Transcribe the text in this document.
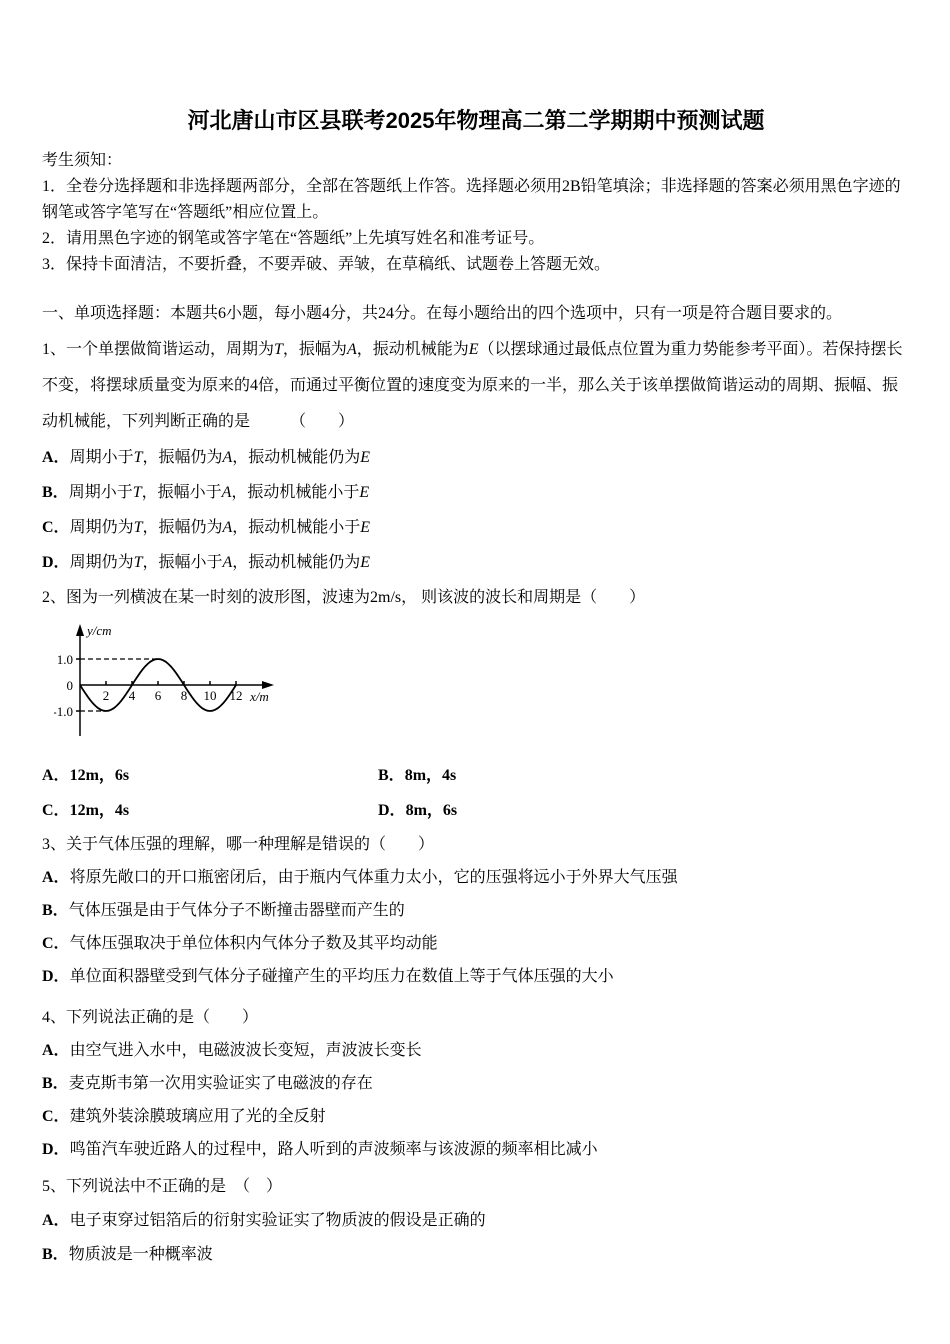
河北唐山市区县联考2025年物理高二第二学期期中预测试题

考生须知：

1．全卷分选择题和非选择题两部分，全部在答题纸上作答。选择题必须用2B铅笔填涂；非选择题的答案必须用黑色字迹的钢笔或答字笔写在“答题纸”相应位置上。

2．请用黑色字迹的钢笔或答字笔在“答题纸”上先填写姓名和准考证号。

3．保持卡面清洁，不要折叠，不要弄破、弄皱，在草稿纸、试题卷上答题无效。

一、单项选择题：本题共6小题，每小题4分，共24分。在每小题给出的四个选项中，只有一项是符合题目要求的。

1、一个单摆做简谐运动，周期为T，振幅为A，振动机械能为E（以摆球通过最低点位置为重力势能参考平面）。若保持摆长不变，将摆球质量变为原来的4倍，而通过平衡位置的速度变为原来的一半，那么关于该单摆做简谐运动的周期、振幅、振动机械能，下列判断正确的是　　　（　　）

A．周期小于T，振幅仍为A，振动机械能仍为E

B．周期小于T，振幅小于A，振动机械能小于E

C．周期仍为T，振幅仍为A，振动机械能小于E

D．周期仍为T，振幅小于A，振动机械能仍为E

2、图为一列横波在某一时刻的波形图，波速为2m/s， 则该波的波长和周期是（　　）

2 4 6 8 10 12
1.0
0
-1.0
y/cm
x/m

A．12m，6s	B．8m，4s

C．12m，4s	D．8m，6s

3、关于气体压强的理解，哪一种理解是错误的（　　）

A．将原先敞口的开口瓶密闭后，由于瓶内气体重力太小，它的压强将远小于外界大气压强

B．气体压强是由于气体分子不断撞击器壁而产生的

C．气体压强取决于单位体积内气体分子数及其平均动能

D．单位面积器壁受到气体分子碰撞产生的平均压力在数值上等于气体压强的大小

4、下列说法正确的是（　　）

A．由空气进入水中，电磁波波长变短，声波波长变长

B．麦克斯韦第一次用实验证实了电磁波的存在

C．建筑外装涂膜玻璃应用了光的全反射

D．鸣笛汽车驶近路人的过程中，路人听到的声波频率与该波源的频率相比减小

5、下列说法中不正确的是　（　）

A．电子束穿过铝箔后的衍射实验证实了物质波的假设是正确的

B．物质波是一种概率波
